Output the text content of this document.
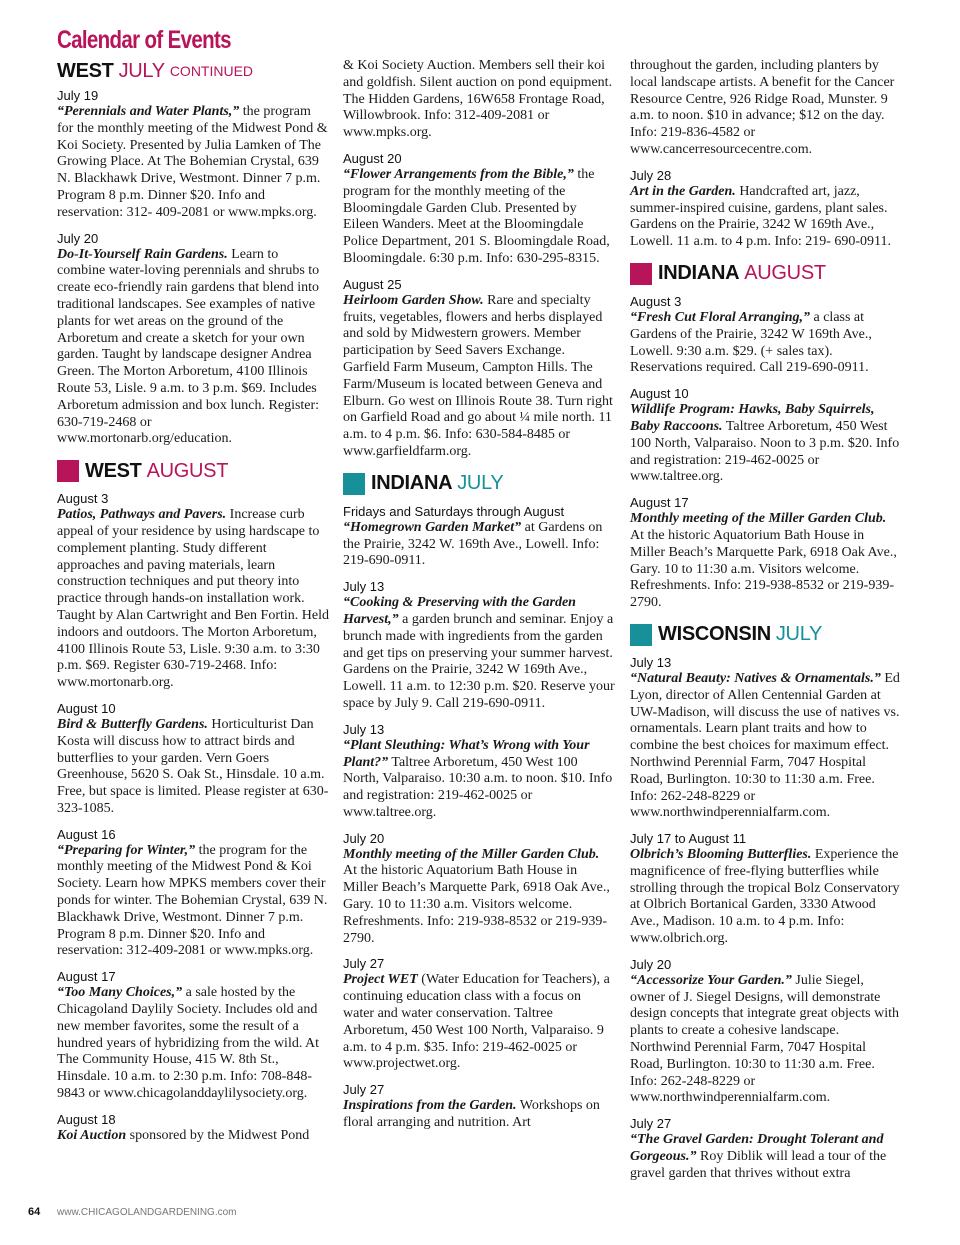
Calendar of Events
WEST JULY CONTINUED
July 19
“Perennials and Water Plants,” the program for the monthly meeting of the Midwest Pond & Koi Society. Presented by Julia Lamken of The Growing Place. At The Bohemian Crystal, 639 N. Blackhawk Drive, Westmont. Dinner 7 p.m. Program 8 p.m. Dinner $20. Info and reservation: 312- 409-2081 or www.mpks.org.
July 20
Do-It-Yourself Rain Gardens. Learn to combine water-loving perennials and shrubs to create eco-friendly rain gardens that blend into traditional landscapes. See examples of native plants for wet areas on the ground of the Arboretum and create a sketch for your own garden. Taught by landscape designer Andrea Green. The Morton Arboretum, 4100 Illinois Route 53, Lisle. 9 a.m. to 3 p.m. $69. Includes Arboretum admission and box lunch. Register: 630-719-2468 or www.mortonarb.org/education.
WEST AUGUST
August 3
Patios, Pathways and Pavers. Increase curb appeal of your residence by using hardscape to complement planting. Study different approaches and paving materials, learn construction techniques and put theory into practice through hands-on installation work. Taught by Alan Cartwright and Ben Fortin. Held indoors and outdoors. The Morton Arboretum, 4100 Illinois Route 53, Lisle. 9:30 a.m. to 3:30 p.m. $69. Register 630-719-2468. Info: www.mortonarb.org.
August 10
Bird & Butterfly Gardens. Horticulturist Dan Kosta will discuss how to attract birds and butterflies to your garden. Vern Goers Greenhouse, 5620 S. Oak St., Hinsdale. 10 a.m. Free, but space is limited. Please register at 630-323-1085.
August 16
“Preparing for Winter,” the program for the monthly meeting of the Midwest Pond & Koi Society. Learn how MPKS members cover their ponds for winter. The Bohemian Crystal, 639 N. Blackhawk Drive, Westmont. Dinner 7 p.m. Program 8 p.m. Dinner $20. Info and reservation: 312-409-2081 or www.mpks.org.
August 17
“Too Many Choices,” a sale hosted by the Chicagoland Daylily Society. Includes old and new member favorites, some the result of a hundred years of hybridizing from the wild. At The Community House, 415 W. 8th St., Hinsdale. 10 a.m. to 2:30 p.m. Info: 708-848-9843 or www.chicagolanddaylilysociety.org.
August 18
Koi Auction sponsored by the Midwest Pond
& Koi Society Auction. Members sell their koi and goldfish. Silent auction on pond equipment. The Hidden Gardens, 16W658 Frontage Road, Willowbrook. Info: 312-409-2081 or www.mpks.org.
August 20
“Flower Arrangements from the Bible,” the program for the monthly meeting of the Bloomingdale Garden Club. Presented by Eileen Wanders. Meet at the Bloomingdale Police Department, 201 S. Bloomingdale Road, Bloomingdale. 6:30 p.m. Info: 630-295-8315.
August 25
Heirloom Garden Show. Rare and specialty fruits, vegetables, flowers and herbs displayed and sold by Midwestern growers. Member participation by Seed Savers Exchange. Garfield Farm Museum, Campton Hills. The Farm/Museum is located between Geneva and Elburn. Go west on Illinois Route 38. Turn right on Garfield Road and go about ¼ mile north. 11 a.m. to 4 p.m. $6. Info: 630-584-8485 or www.garfieldfarm.org.
INDIANA JULY
Fridays and Saturdays through August
“Homegrown Garden Market” at Gardens on the Prairie, 3242 W. 169th Ave., Lowell. Info: 219-690-0911.
July 13
“Cooking & Preserving with the Garden Harvest,” a garden brunch and seminar. Enjoy a brunch made with ingredients from the garden and get tips on preserving your summer harvest. Gardens on the Prairie, 3242 W 169th Ave., Lowell. 11 a.m. to 12:30 p.m. $20. Reserve your space by July 9. Call 219-690-0911.
July 13
“Plant Sleuthing: What’s Wrong with Your Plant?” Taltree Arboretum, 450 West 100 North, Valparaiso. 10:30 a.m. to noon. $10. Info and registration: 219-462-0025 or www.taltree.org.
July 20
Monthly meeting of the Miller Garden Club. At the historic Aquatorium Bath House in Miller Beach’s Marquette Park, 6918 Oak Ave., Gary. 10 to 11:30 a.m. Visitors welcome. Refreshments. Info: 219-938-8532 or 219-939-2790.
July 27
Project WET (Water Education for Teachers), a continuing education class with a focus on water and water conservation. Taltree Arboretum, 450 West 100 North, Valparaiso. 9 a.m. to 4 p.m. $35. Info: 219-462-0025 or www.projectwet.org.
July 27
Inspirations from the Garden. Workshops on floral arranging and nutrition. Art
throughout the garden, including planters by local landscape artists. A benefit for the Cancer Resource Centre, 926 Ridge Road, Munster. 9 a.m. to noon. $10 in advance; $12 on the day. Info: 219-836-4582 or www.cancerresourcecentre.com.
July 28
Art in the Garden. Handcrafted art, jazz, summer-inspired cuisine, gardens, plant sales. Gardens on the Prairie, 3242 W 169th Ave., Lowell. 11 a.m. to 4 p.m. Info: 219- 690-0911.
INDIANA AUGUST
August 3
“Fresh Cut Floral Arranging,” a class at Gardens of the Prairie, 3242 W 169th Ave., Lowell. 9:30 a.m. $29. (+ sales tax). Reservations required. Call 219-690-0911.
August 10
Wildlife Program: Hawks, Baby Squirrels, Baby Raccoons. Taltree Arboretum, 450 West 100 North, Valparaiso. Noon to 3 p.m. $20. Info and registration: 219-462-0025 or www.taltree.org.
August 17
Monthly meeting of the Miller Garden Club. At the historic Aquatorium Bath House in Miller Beach’s Marquette Park, 6918 Oak Ave., Gary. 10 to 11:30 a.m. Visitors welcome. Refreshments. Info: 219-938-8532 or 219-939-2790.
WISCONSIN JULY
July 13
“Natural Beauty: Natives & Ornamentals.” Ed Lyon, director of Allen Centennial Garden at UW-Madison, will discuss the use of natives vs. ornamentals. Learn plant traits and how to combine the best choices for maximum effect. Northwind Perennial Farm, 7047 Hospital Road, Burlington. 10:30 to 11:30 a.m. Free. Info: 262-248-8229 or www.northwindperennialfarm.com.
July 17 to August 11
Olbrich’s Blooming Butterflies. Experience the magnificence of free-flying butterflies while strolling through the tropical Bolz Conservatory at Olbrich Bortanical Garden, 3330 Atwood Ave., Madison. 10 a.m. to 4 p.m. Info: www.olbrich.org.
July 20
“Accessorize Your Garden.” Julie Siegel, owner of J. Siegel Designs, will demonstrate design concepts that integrate great objects with plants to create a cohesive landscape. Northwind Perennial Farm, 7047 Hospital Road, Burlington. 10:30 to 11:30 a.m. Free. Info: 262-248-8229 or www.northwindperennialfarm.com.
July 27
“The Gravel Garden: Drought Tolerant and Gorgeous.” Roy Diblik will lead a tour of the gravel garden that thrives without extra
64 www.CHICAGOLANDGARDENING.com
